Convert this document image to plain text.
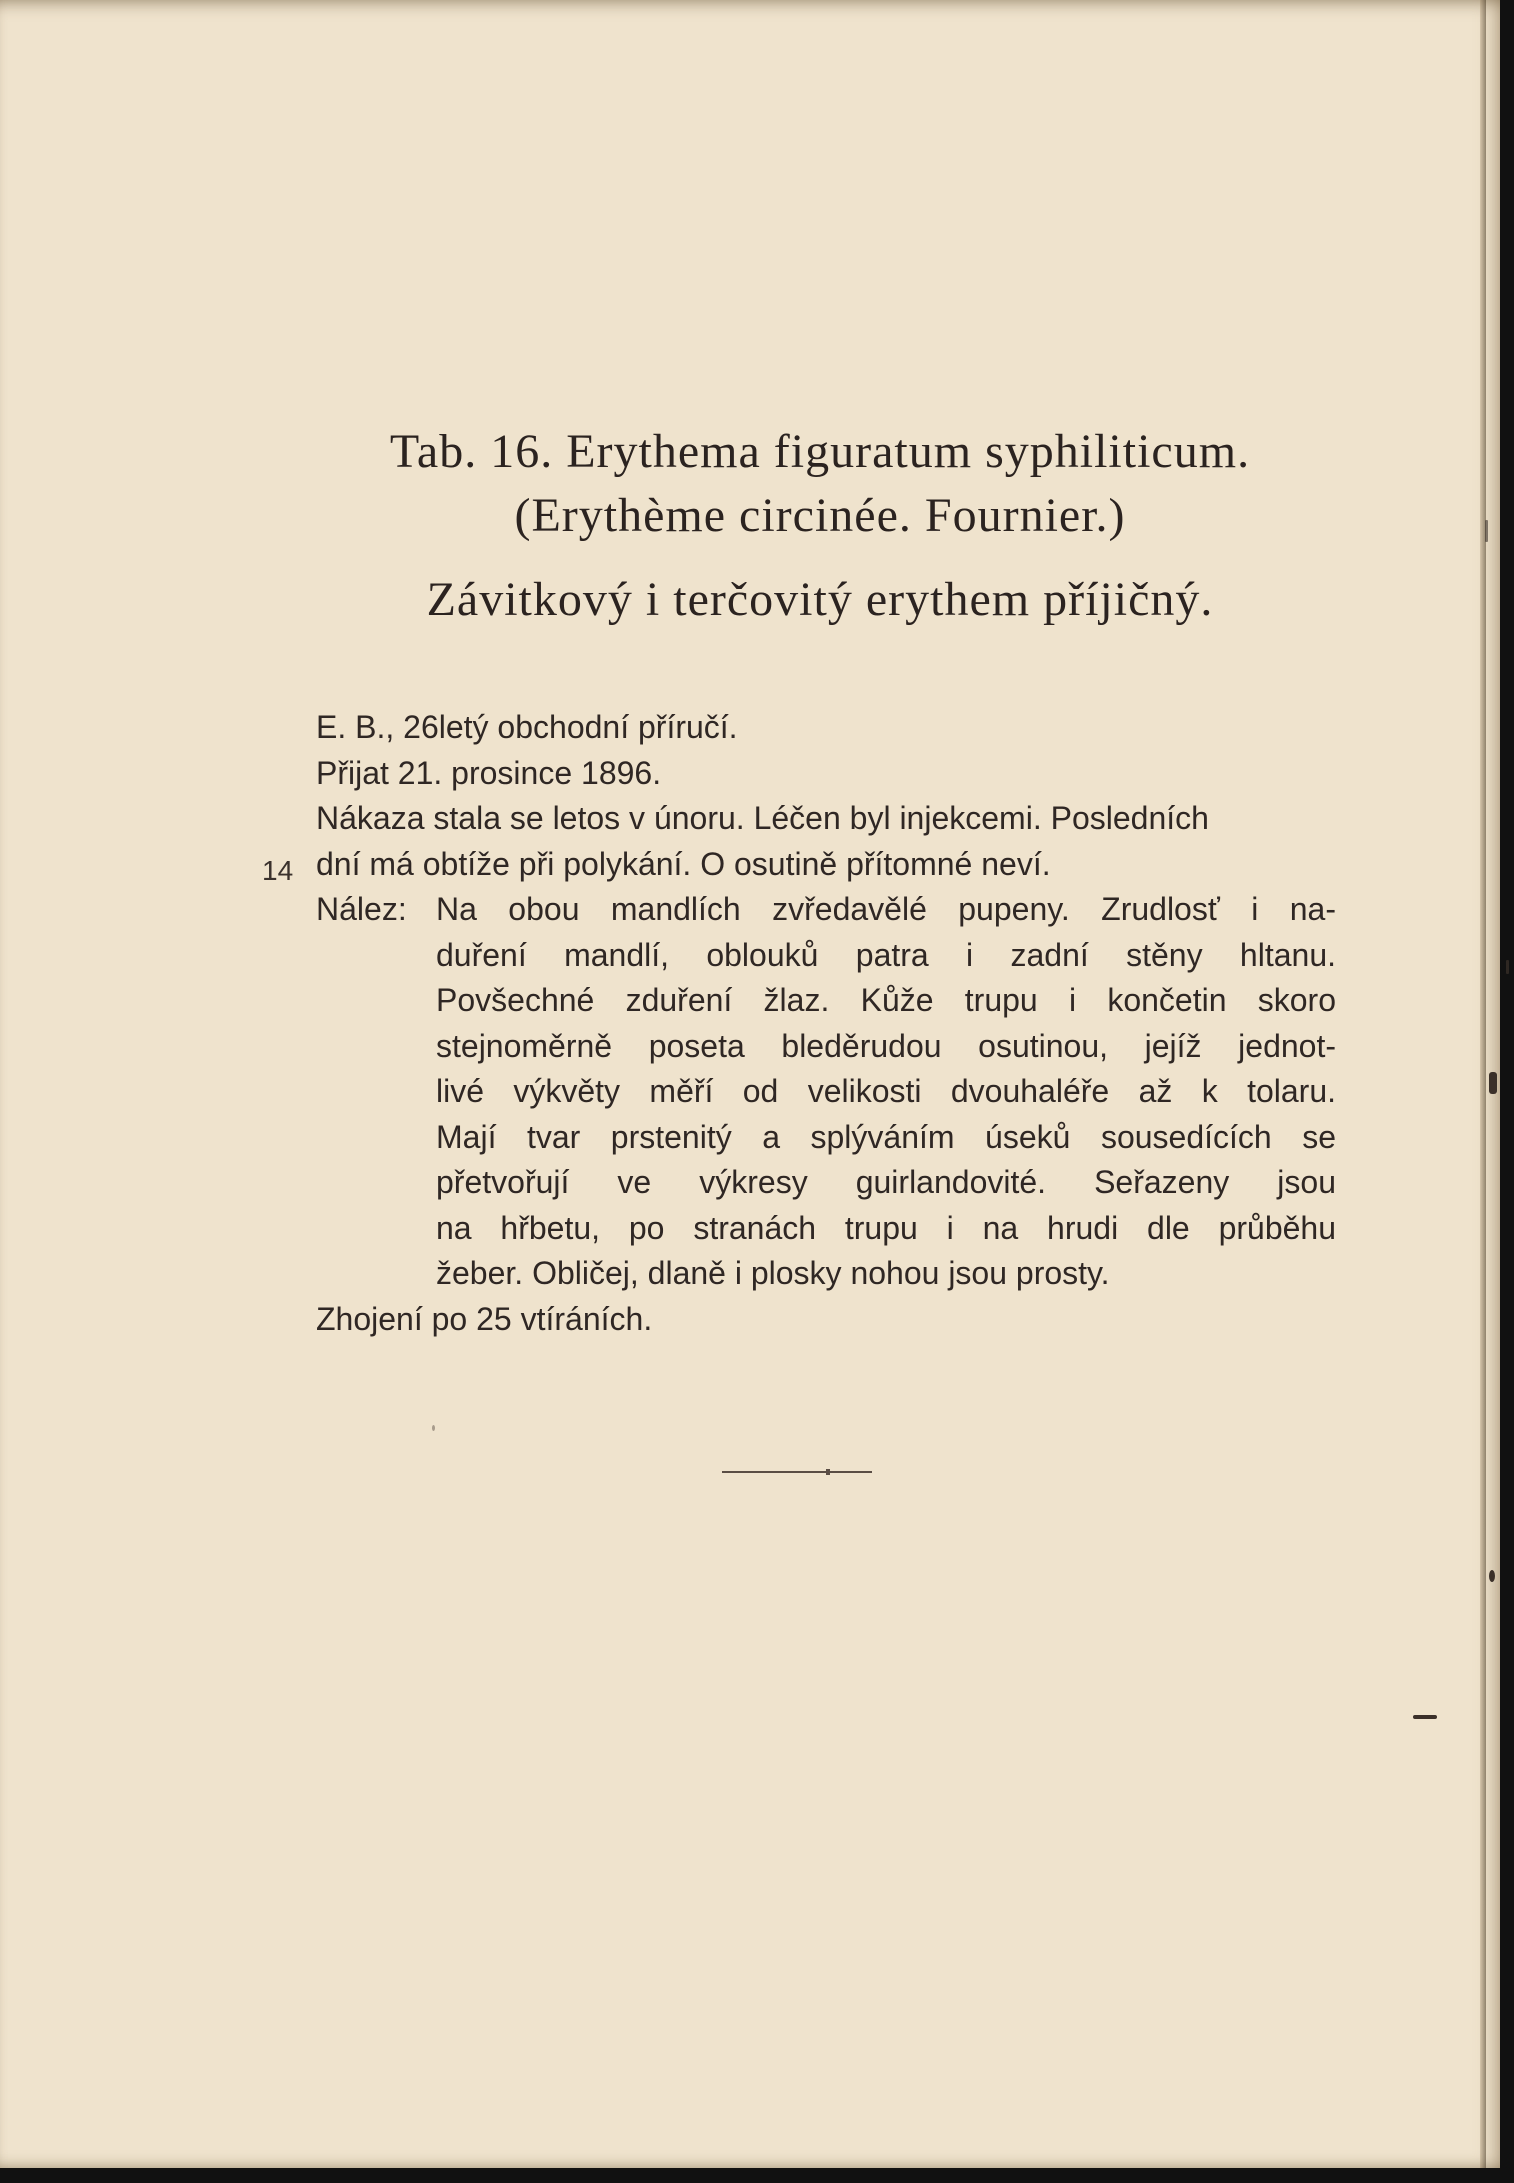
Tab. 16. Erythema figuratum syphiliticum.

(Erythème circinée. Fournier.)

Závitkový i terčovitý erythem příjičný.

14

E. B., 26letý obchodní příručí.

Přijat 21. prosince 1896.

Nákaza stala se letos v únoru. Léčen byl injekcemi. Posledních

dní má obtíže při polykání. O osutině přítomné neví.

Nález: Na obou mandlích zvředavělé pupeny. Zrudlosť i na-

duření mandlí, oblouků patra i zadní stěny hltanu.

Povšechné zduření žlaz. Kůže trupu i končetin skoro

stejnoměrně poseta bleděrudou osutinou, jejíž jednot-

livé výkvěty měří od velikosti dvouhaléře až k tolaru.

Mají tvar prstenitý a splýváním úseků sousedících se

přetvořují ve výkresy guirlandovité. Seřazeny jsou

na hřbetu, po stranách trupu i na hrudi dle průběhu

žeber. Obličej, dlaně i plosky nohou jsou prosty.

Zhojení po 25 vtíráních.
